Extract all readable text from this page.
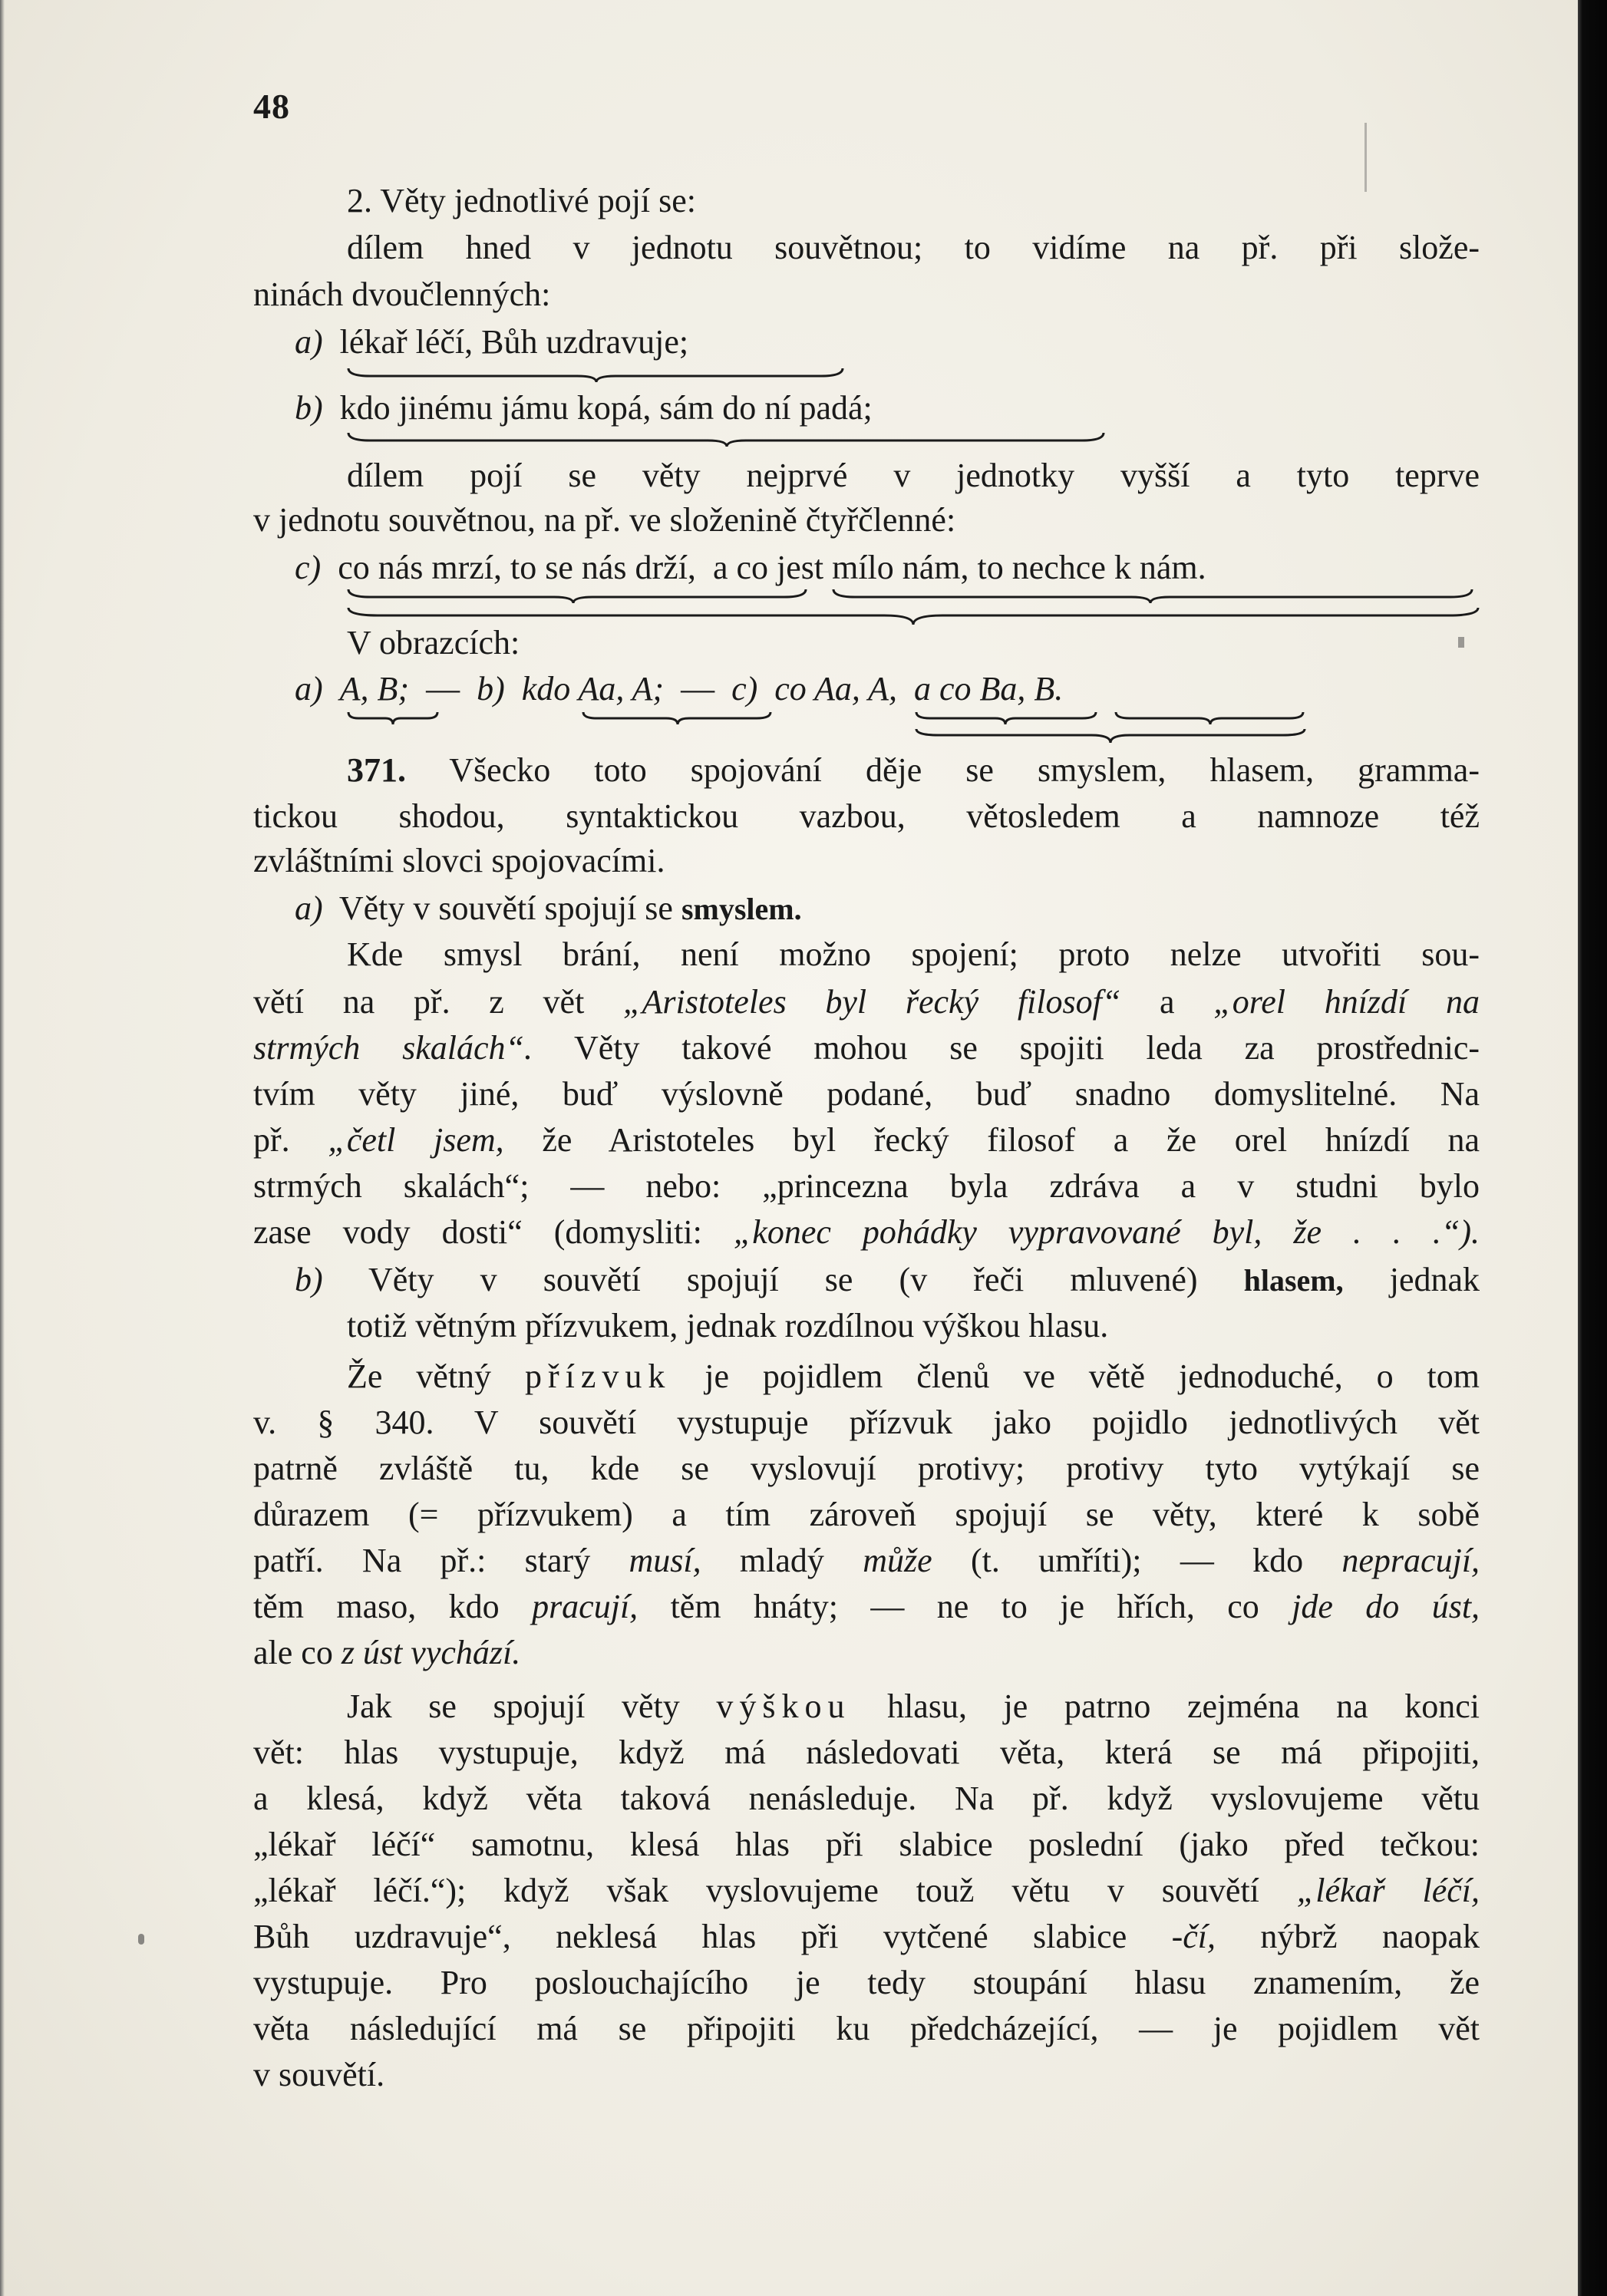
48
2. Věty jednotlivé pojí se:
dílem hned v jednotu souvětnou; to vidíme na př. při slože-
ninách dvoučlenných:
a) lékař léčí, Bůh uzdravuje;
b) kdo jinému jámu kopá, sám do ní padá;
dílem pojí se věty nejprvé v jednotky vyšší a tyto teprve
v jednotu souvětnou, na př. ve složenině čtyřčlenné:
c) co nás mrzí, to se nás drží, a co jest mílo nám, to nechce k nám.
V obrazcích:
a) A, B; — b) kdo Aa, A; — c) co Aa, A, a co Ba, B.
371. Všecko toto spojování děje se smyslem, hlasem, gramma-
tickou shodou, syntaktickou vazbou, větosledem a namnoze též
zvláštními slovci spojovacími.
a) Věty v souvětí spojují se smyslem.
Kde smysl brání, není možno spojení; proto nelze utvořiti sou-
větí na př. z vět „Aristoteles byl řecký filosof“ a „orel hnízdí na
strmých skalách“. Věty takové mohou se spojiti leda za prostřednic-
tvím věty jiné, buď výslovně podané, buď snadno domyslitelné. Na
př. „četl jsem, že Aristoteles byl řecký filosof a že orel hnízdí na
strmých skalách“; — nebo: „princezna byla zdráva a v studni bylo
zase vody dosti“ (domysliti: „konec pohádky vypravované byl, že . . .“).
b) Věty v souvětí spojují se (v řeči mluvené) hlasem, jednak
totiž větným přízvukem, jednak rozdílnou výškou hlasu.
Že větný přízvuk je pojidlem členů ve větě jednoduché, o tom
v. § 340. V souvětí vystupuje přízvuk jako pojidlo jednotlivých vět
patrně zvláště tu, kde se vyslovují protivy; protivy tyto vytýkají se
důrazem (= přízvukem) a tím zároveň spojují se věty, které k sobě
patří. Na př.: starý musí, mladý může (t. umříti); — kdo nepracují,
těm maso, kdo pracují, těm hnáty; — ne to je hřích, co jde do úst,
ale co z úst vychází.
Jak se spojují věty výškou hlasu, je patrno zejména na konci
vět: hlas vystupuje, když má následovati věta, která se má připojiti,
a klesá, když věta taková nenásleduje. Na př. když vyslovujeme větu
„lékař léčí“ samotnu, klesá hlas při slabice poslední (jako před tečkou:
„lékař léčí.“); když však vyslovujeme touž větu v souvětí „lékař léčí,
Bůh uzdravuje“, neklesá hlas při vytčené slabice -čí, nýbrž naopak
vystupuje. Pro poslouchajícího je tedy stoupání hlasu znamením, že
věta následující má se připojiti ku předcházející, — je pojidlem vět
v souvětí.
